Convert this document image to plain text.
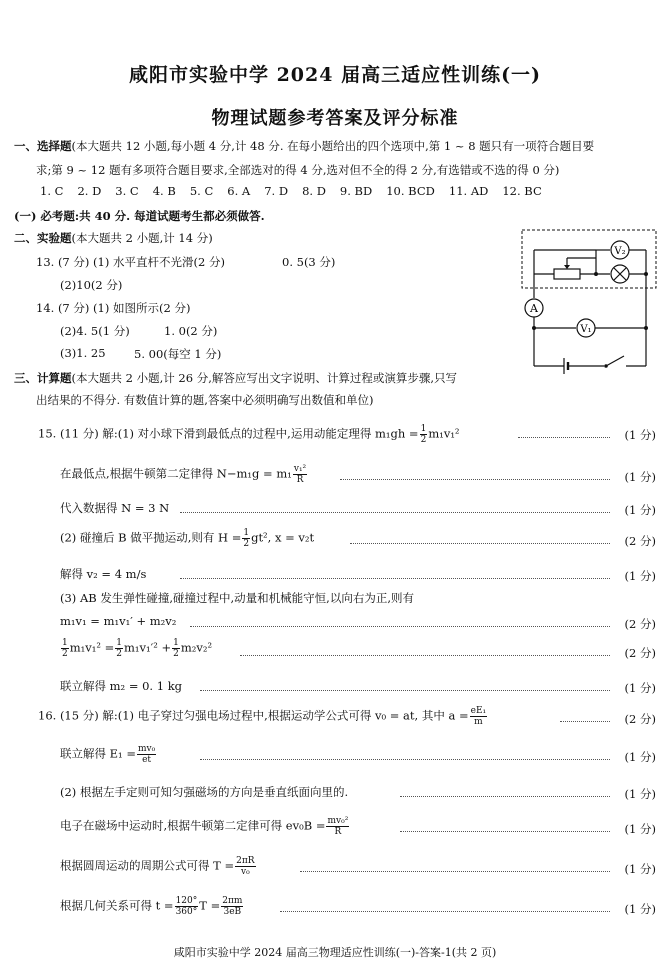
咸阳市实验中学 2024 届高三适应性训练(一)
物理试题参考答案及评分标准
一、选择题(本大题共 12 小题,每小题 4 分,计 48 分. 在每小题给出的四个选项中,第 1 ~ 8 题只有一项符合题目要
求;第 9 ~ 12 题有多项符合题目要求,全部选对的得 4 分,选对但不全的得 2 分,有选错或不选的得 0 分)
1. C 2. D 3. C 4. B 5. C 6. A 7. D 8. D 9. BD 10. BCD 11. AD 12. BC
(一) 必考题:共 40 分. 每道试题考生都必须做答.
二、实验题(本大题共 2 小题,计 14 分)
13. (7 分) (1) 水平直杆不光滑(2 分)	0. 5(3 分)
(2)10(2 分)
14. (7 分) (1) 如图所示(2 分)
(2)4. 5(1 分)	1. 0(2 分)
(3)1. 25 5. 00(每空 1 分)
V₂
A
V₁
三、计算题(本大题共 2 小题,计 26 分,解答应写出文字说明、计算过程或演算步骤,只写
出结果的不得分. 有数值计算的题,答案中必须明确写出数值和单位)
15. (11 分) 解:(1) 对小球下滑到最低点的过程中,运用动能定理得 $m_1gh = \frac{1}{2} m_1v_1^2$	(1 分)
在最低点,根据牛顿第二定律得 $N-m_1g = m_1 \frac{\text{v₁²}}{R}$	(1 分)
代入数据得 N = 3 N	(1 分)
(2) 碰撞后 B 做平抛运动,则有 $H = \frac{1}{2} gt^2$, x = v₂t	(2 分)
解得 v₂ = 4 m/s	(1 分)
(3) AB 发生弹性碰撞,碰撞过程中,动量和机械能守恒,以向右为正,则有
m₁v₁ = m₁v₁′ + m₂v₂	(2 分)
$\frac{1}{2} m_1v_1^2 = \frac{1}{2} m_1v_1'^2 + \frac{1}{2} m_2v_2^2$	(2 分)
联立解得 m₂ = 0. 1 kg	(1 分)
16. (15 分) 解:(1) 电子穿过匀强电场过程中,根据运动学公式可得 v₀ = at, 其中 $a = \frac{\text{eE₁}}{m}$	(2 分)
联立解得 $E_1 = \frac{\text{mv₀}}{et}$	(1 分)
(2) 根据左手定则可知匀强磁场的方向是垂直纸面向里的.	(1 分)
电子在磁场中运动时,根据牛顿第二定律可得 $ev_0B = \frac{\text{mv₀²}}{R}$	(1 分)
根据圆周运动的周期公式可得 $T = \frac{2\pi R}{\text{v₀}}$	(1 分)
根据几何关系可得 $t = \frac{120^\circ}{360^\circ}$ $T = \frac{2\pi m}{3eB}$	(1 分)
咸阳市实验中学 2024 届高三物理适应性训练(一)-答案-1(共 2 页)
